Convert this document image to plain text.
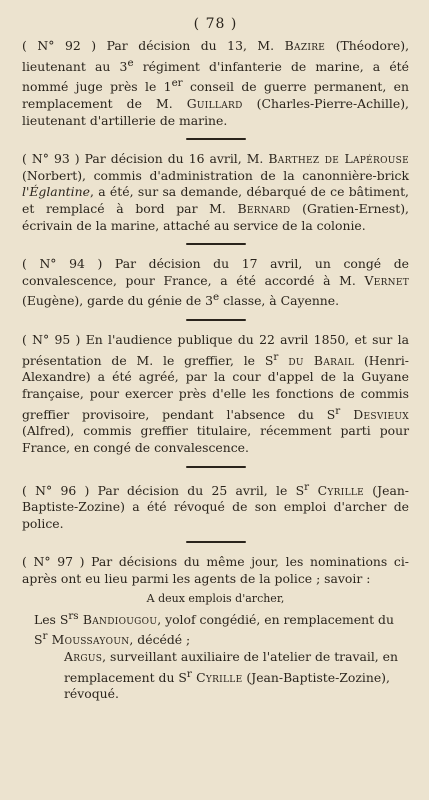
( 78 )

( N° 92 ) Par décision du 13, M. Bazire (Théodore), lieutenant au 3e régiment d'infanterie de marine, a été nommé juge près le 1er conseil de guerre permanent, en remplacement de M. Guillard (Charles-Pierre-Achille), lieutenant d'artillerie de marine.

( N° 93 ) Par décision du 16 avril, M. Barthez de Lapérouse (Norbert), commis d'administration de la canonnière-brick l'Églantine, a été, sur sa demande, débarqué de ce bâtiment, et remplacé à bord par M. Bernard (Gratien-Ernest), écrivain de la marine, attaché au service de la colonie.

( N° 94 ) Par décision du 17 avril, un congé de convalescence, pour France, a été accordé à M. Vernet (Eugène), garde du génie de 3e classe, à Cayenne.

( N° 95 ) En l'audience publique du 22 avril 1850, et sur la présentation de M. le greffier, le $S^r$ du Barail (Henri-Alexandre) a été agréé, par la cour d'appel de la Guyane française, pour exercer près d'elle les fonctions de commis greffier provisoire, pendant l'absence du $S^r$ Desvieux (Alfred), commis greffier titulaire, récemment parti pour France, en congé de convalescence.

( N° 96 ) Par décision du 25 avril, le $S^r$ Cyrille (Jean-Baptiste-Zozine) a été révoqué de son emploi d'archer de police.

( N° 97 ) Par décisions du même jour, les nominations ci-après ont eu lieu parmi les agents de la police ; savoir :

A deux emplois d'archer,

Les $S^{rs}$ Bandiougou, yolof congédié, en remplacement du $S^r$ Moussayoun, décédé ;

Argus, surveillant auxiliaire de l'atelier de travail, en remplacement du $S^r$ Cyrille (Jean-Baptiste-Zozine), révoqué.
